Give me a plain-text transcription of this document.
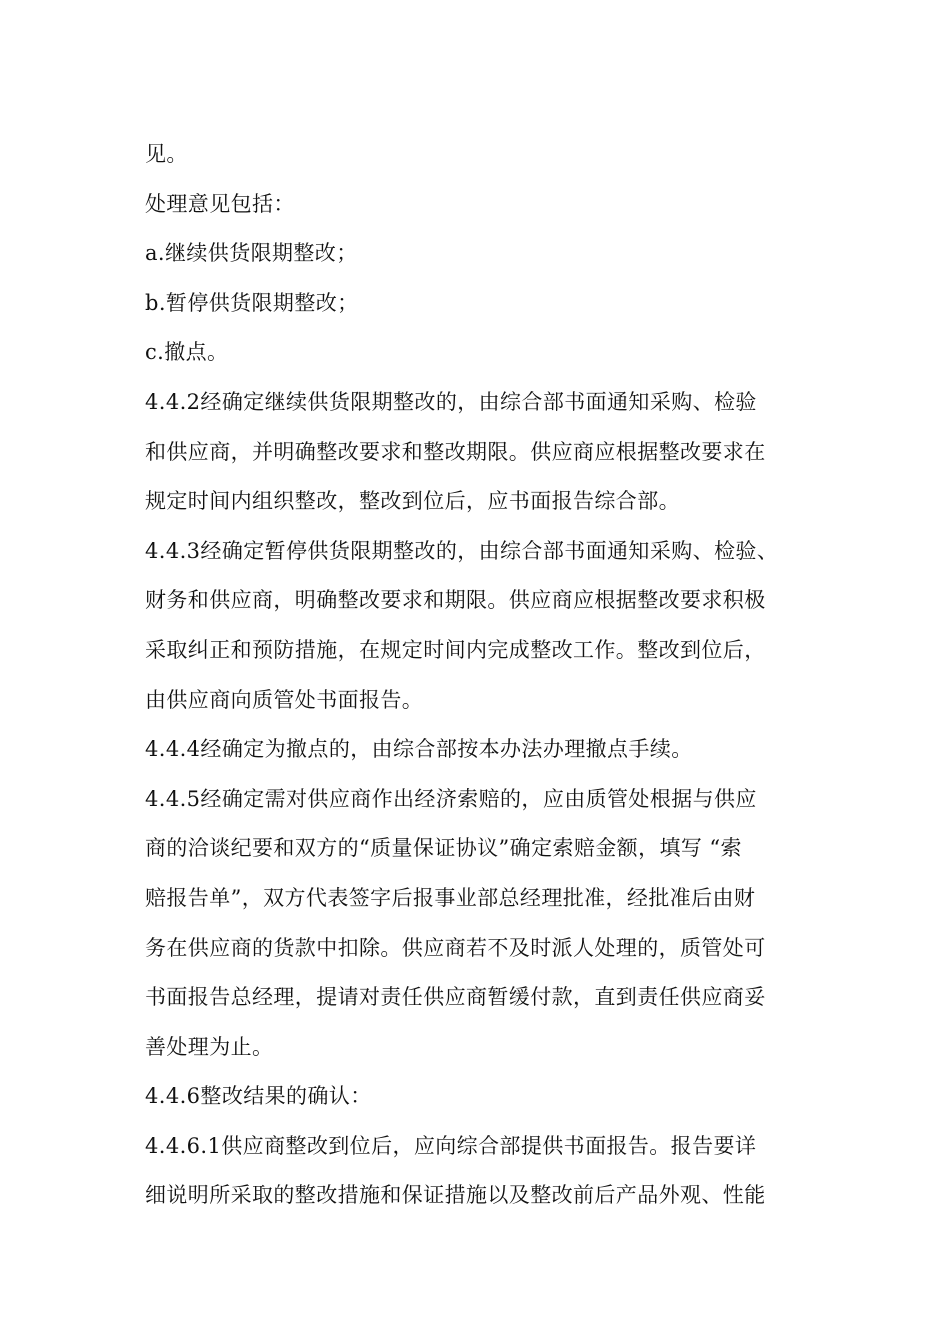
见。
处理意见包括：
a.继续供货限期整改；
b.暂停供货限期整改；
c.撤点。
4.4.2经确定继续供货限期整改的，由综合部书面通知采购、检验
和供应商，并明确整改要求和整改期限。供应商应根据整改要求在
规定时间内组织整改，整改到位后，应书面报告综合部。
4.4.3经确定暂停供货限期整改的，由综合部书面通知采购、检验、
财务和供应商，明确整改要求和期限。供应商应根据整改要求积极
采取纠正和预防措施，在规定时间内完成整改工作。整改到位后，
由供应商向质管处书面报告。
4.4.4经确定为撤点的，由综合部按本办法办理撤点手续。
4.4.5经确定需对供应商作出经济索赔的，应由质管处根据与供应
商的洽谈纪要和双方的“质量保证协议”确定索赔金额，填写 “索
赔报告单”，双方代表签字后报事业部总经理批准，经批准后由财
务在供应商的货款中扣除。供应商若不及时派人处理的，质管处可
书面报告总经理，提请对责任供应商暂缓付款，直到责任供应商妥
善处理为止。
4.4.6整改结果的确认：
4.4.6.1供应商整改到位后，应向综合部提供书面报告。报告要详
细说明所采取的整改措施和保证措施以及整改前后产品外观、性能
